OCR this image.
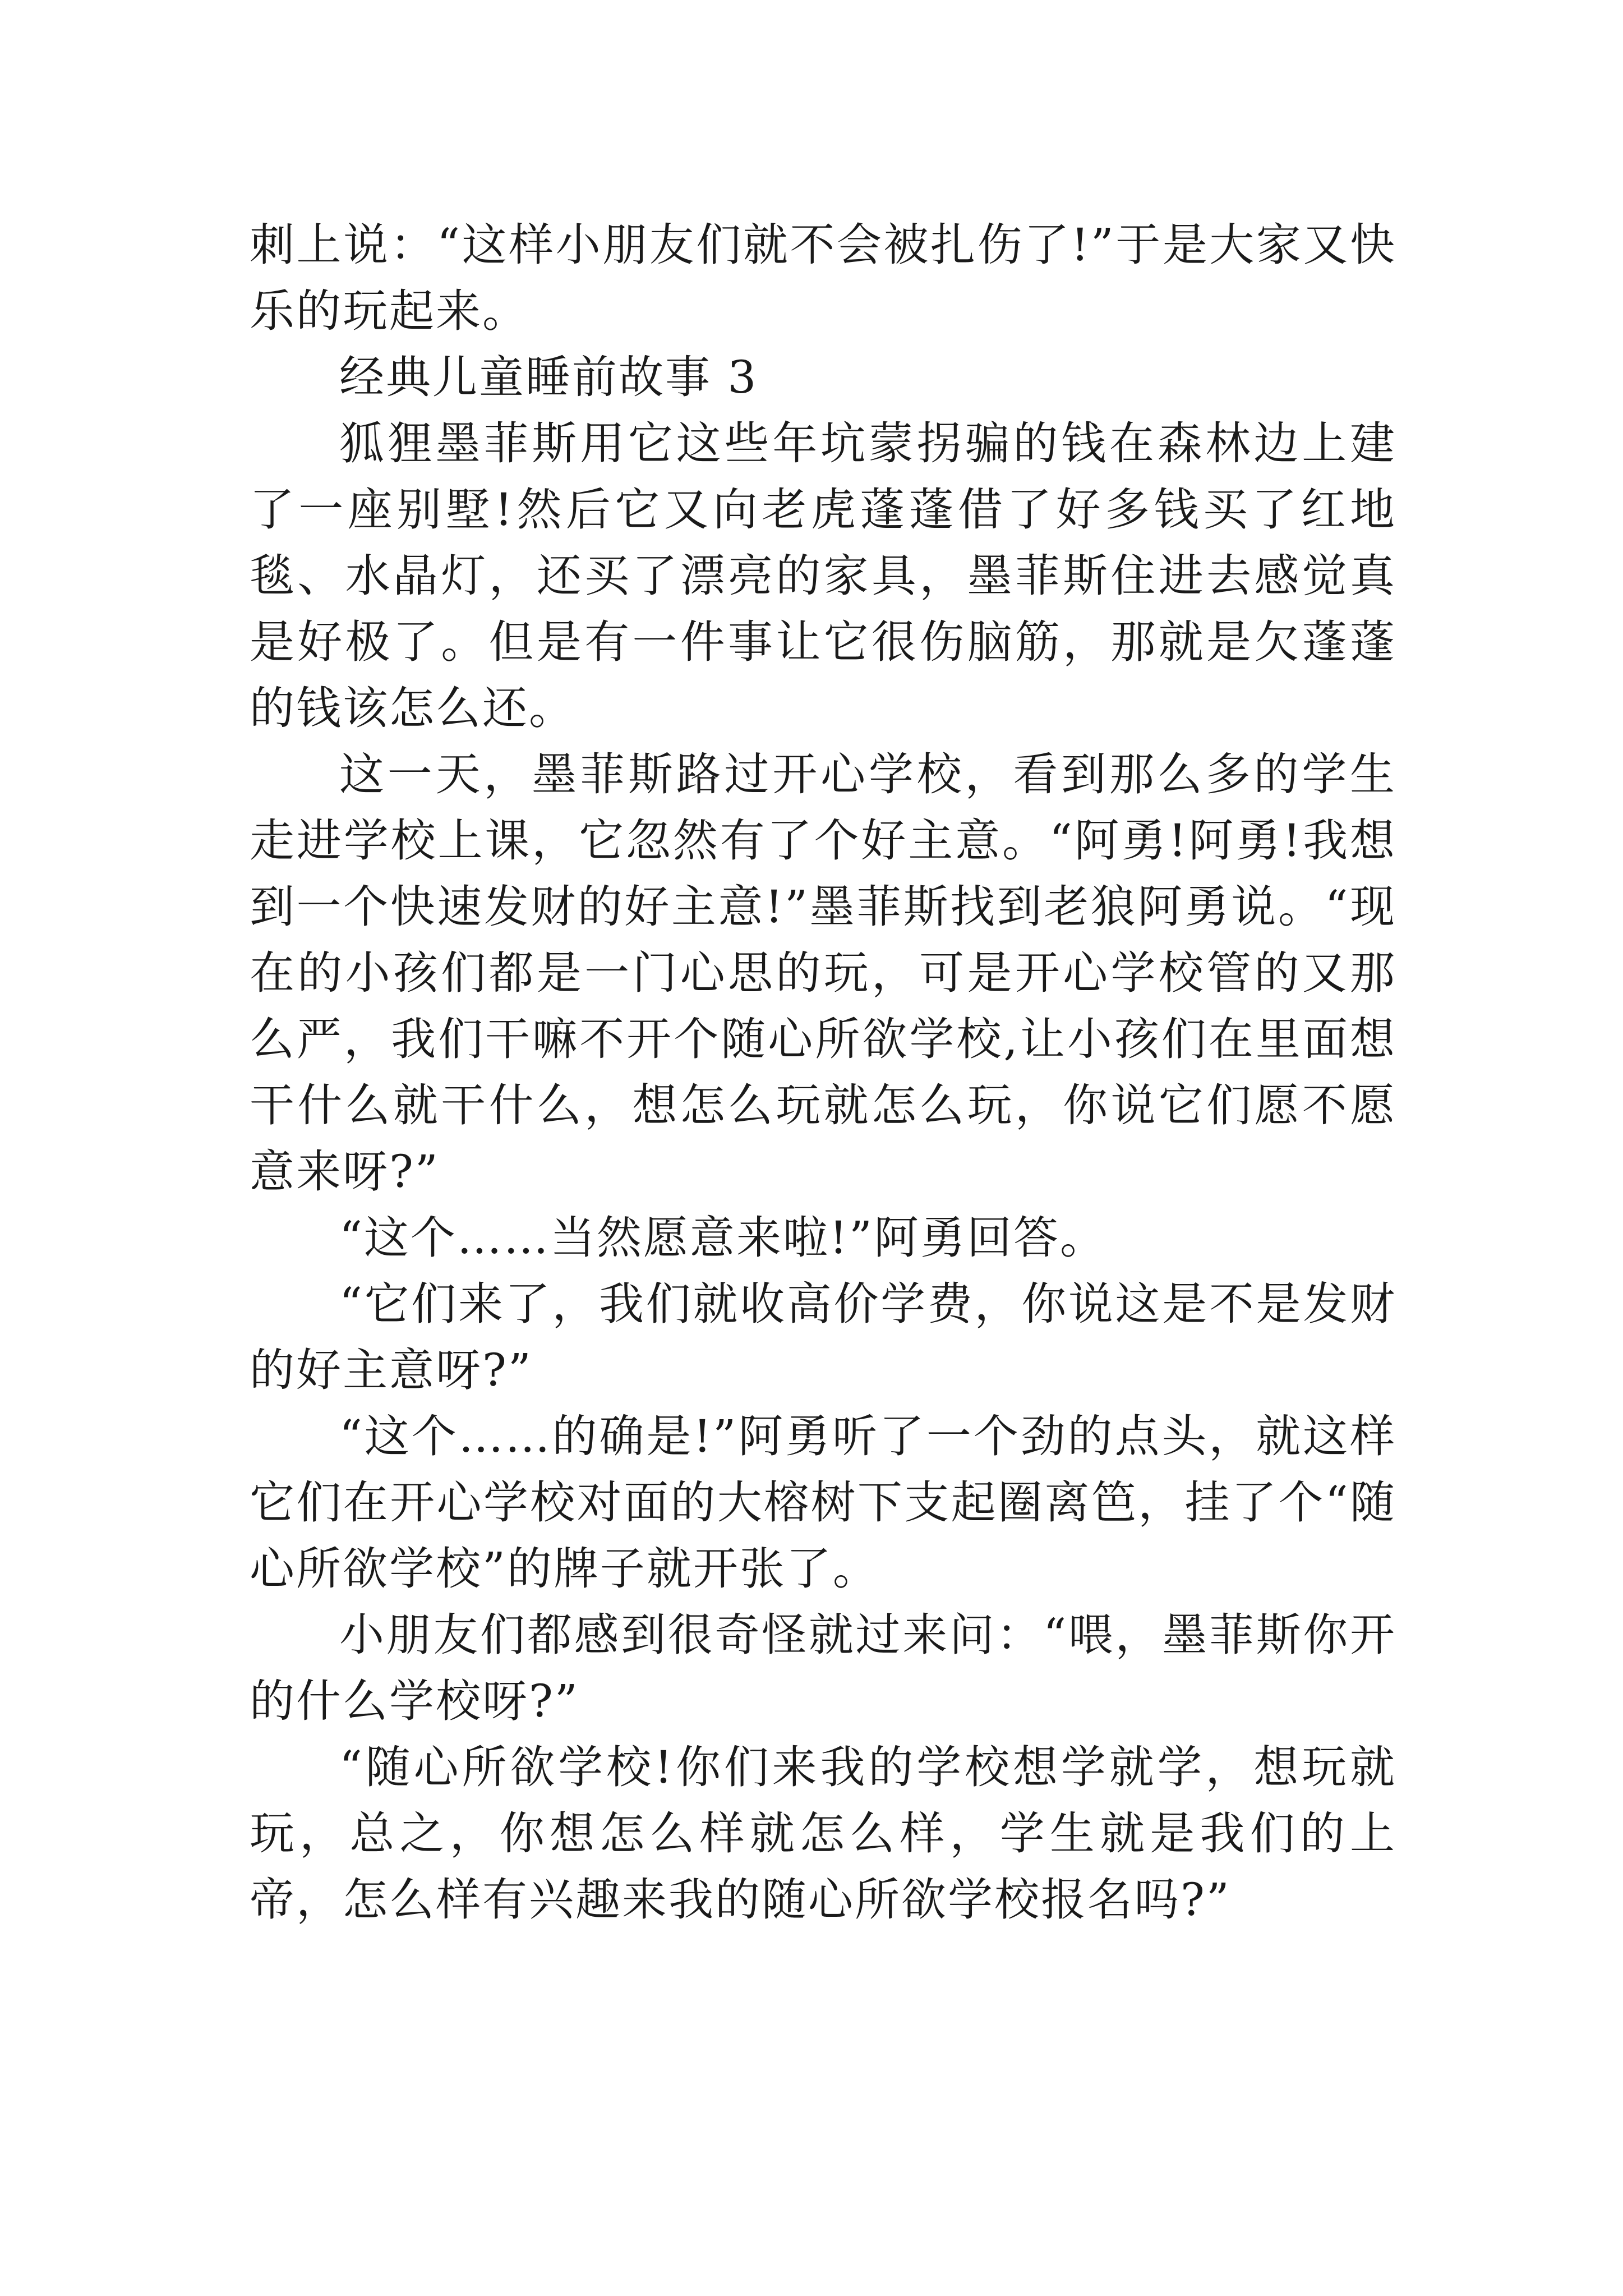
刺上说：“这样小朋友们就不会被扎伤了!”于是大家又快乐的玩起来。

经典儿童睡前故事 3

狐狸墨菲斯用它这些年坑蒙拐骗的钱在森林边上建了一座别墅!然后它又向老虎蓬蓬借了好多钱买了红地毯、水晶灯，还买了漂亮的家具，墨菲斯住进去感觉真是好极了。但是有一件事让它很伤脑筋，那就是欠蓬蓬的钱该怎么还。

这一天，墨菲斯路过开心学校，看到那么多的学生走进学校上课，它忽然有了个好主意。“阿勇!阿勇!我想到一个快速发财的好主意!”墨菲斯找到老狼阿勇说。“现在的小孩们都是一门心思的玩，可是开心学校管的又那么严，我们干嘛不开个随心所欲学校,让小孩们在里面想干什么就干什么，想怎么玩就怎么玩，你说它们愿不愿意来呀?”

“这个……当然愿意来啦!”阿勇回答。

“它们来了，我们就收高价学费，你说这是不是发财的好主意呀?”

“这个……的确是!”阿勇听了一个劲的点头，就这样它们在开心学校对面的大榕树下支起圈离笆，挂了个“随心所欲学校”的牌子就开张了。

小朋友们都感到很奇怪就过来问：“喂，墨菲斯你开的什么学校呀?”

“随心所欲学校!你们来我的学校想学就学，想玩就玩，总之，你想怎么样就怎么样，学生就是我们的上帝，怎么样有兴趣来我的随心所欲学校报名吗?”
